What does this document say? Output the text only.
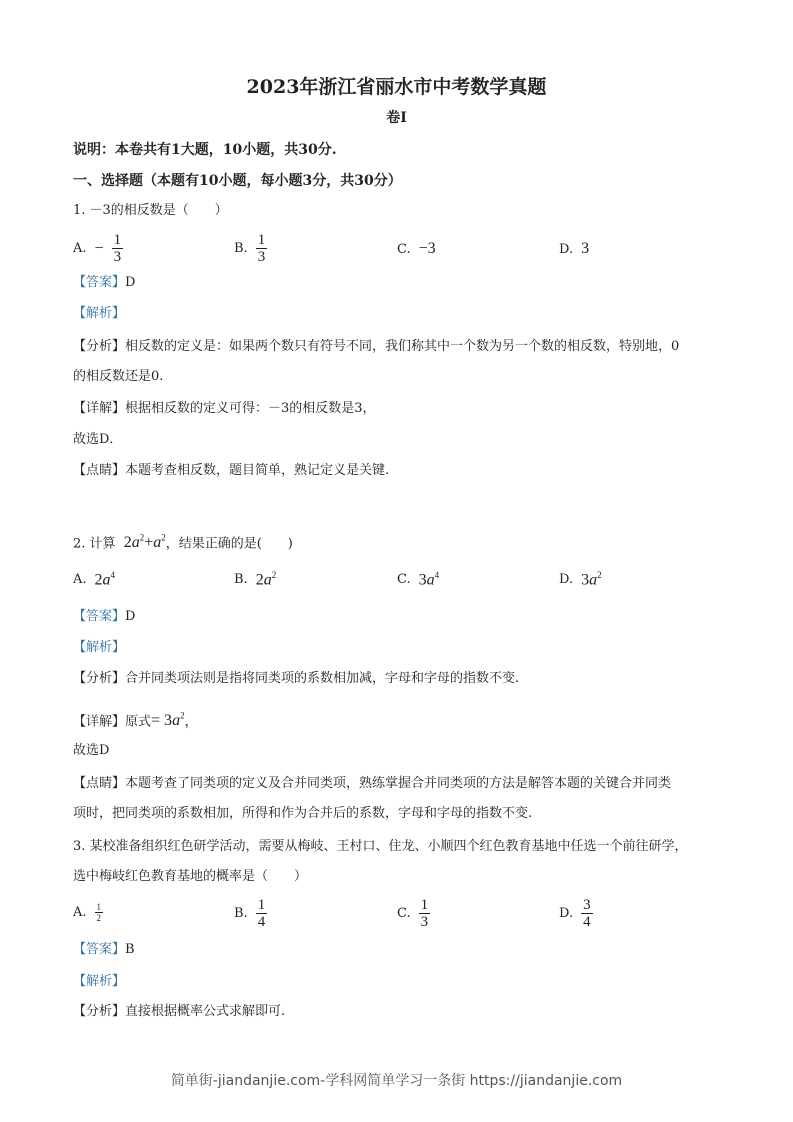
2023年浙江省丽水市中考数学真题
卷Ⅰ
说明：本卷共有1大题，10小题，共30分.
一、选择题（本题有10小题，每小题3分，共30分）
1. －3的相反数是（　　）
A. − $\frac{1}{3}$	B. $\frac{1}{3}$	C. −3	D. 3
【答案】D
【解析】
【分析】相反数的定义是：如果两个数只有符号不同，我们称其中一个数为另一个数的相反数，特别地，0
的相反数还是0.
【详解】根据相反数的定义可得：－3的相反数是3，
故选D．
【点睛】本题考查相反数，题目简单，熟记定义是关键.
2. 计算 $2a^2+a^2$，结果正确的是(　　)
A. $2a^4$	B. $2a^2$	C. $3a^4$	D. $3a^2$
【答案】D
【解析】
【分析】合并同类项法则是指将同类项的系数相加减，字母和字母的指数不变.
【详解】原式= $3a^2$，
故选D
【点睛】本题考查了同类项的定义及合并同类项，熟练掌握合并同类项的方法是解答本题的关键合并同类
项时，把同类项的系数相加，所得和作为合并后的系数，字母和字母的指数不变.
3. 某校准备组织红色研学活动，需要从梅岐、王村口、住龙、小顺四个红色教育基地中任选一个前往研学，
选中梅岐红色教育基地的概率是（　　）
A. $\frac{1}{2}$	B. $\frac{1}{4}$	C. $\frac{1}{3}$	D. $\frac{3}{4}$
【答案】B
【解析】
【分析】直接根据概率公式求解即可.
简单街-jiandanjie.com-学科网简单学习一条街 https://jiandanjie.com
